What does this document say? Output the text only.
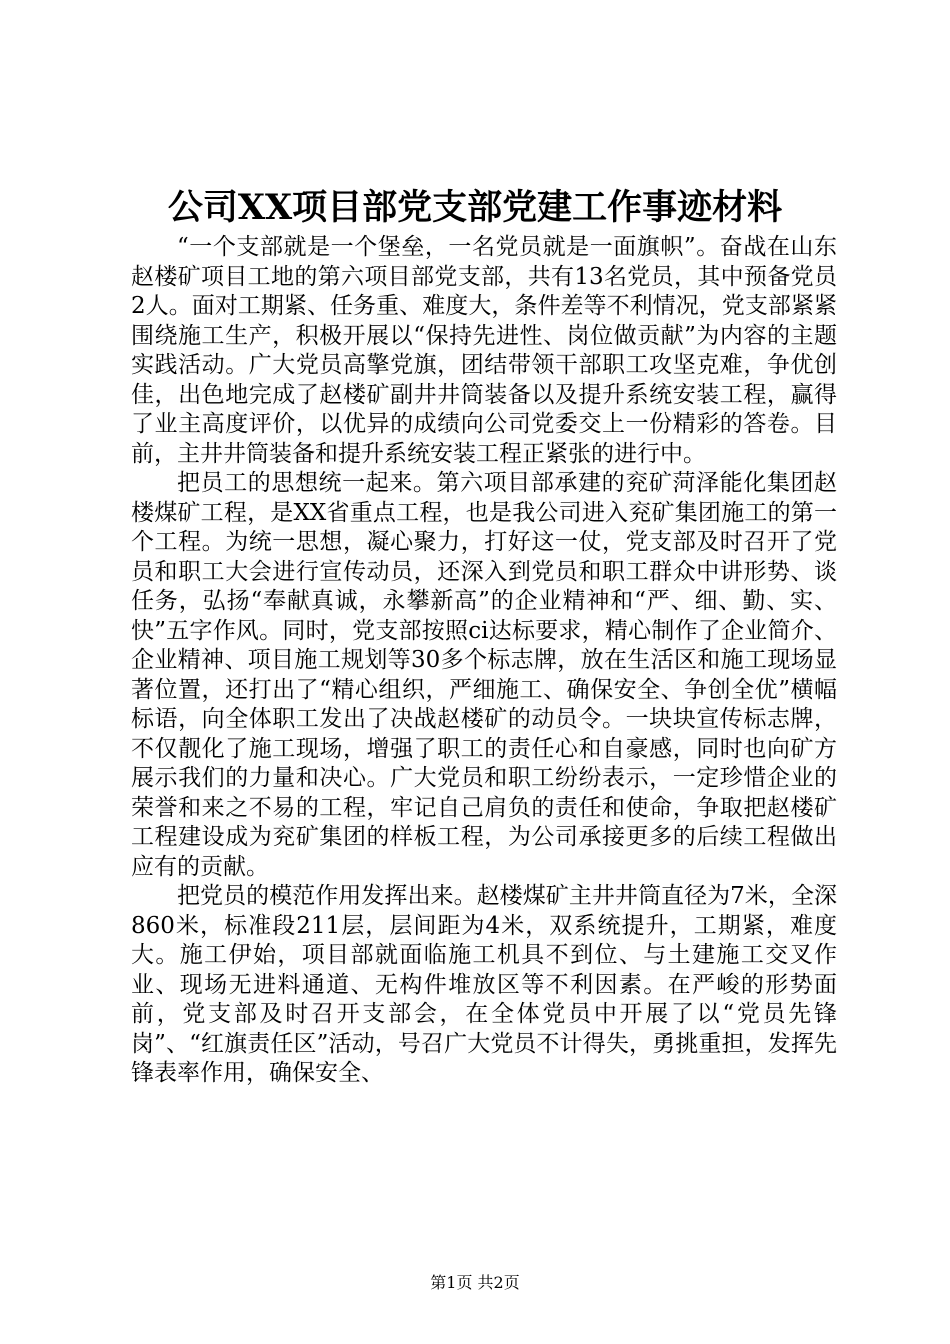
公司XX项目部党支部党建工作事迹材料

“一个支部就是一个堡垒，一名党员就是一面旗帜”。奋战在山东赵楼矿项目工地的第六项目部党支部，共有13名党员，其中预备党员2人。面对工期紧、任务重、难度大，条件差等不利情况，党支部紧紧围绕施工生产，积极开展以“保持先进性、岗位做贡献”为内容的主题实践活动。广大党员高擎党旗，团结带领干部职工攻坚克难，争优创佳，出色地完成了赵楼矿副井井筒装备以及提升系统安装工程，赢得了业主高度评价，以优异的成绩向公司党委交上一份精彩的答卷。目前，主井井筒装备和提升系统安装工程正紧张的进行中。

把员工的思想统一起来。第六项目部承建的兖矿菏泽能化集团赵楼煤矿工程，是XX省重点工程，也是我公司进入兖矿集团施工的第一个工程。为统一思想，凝心聚力，打好这一仗，党支部及时召开了党员和职工大会进行宣传动员，还深入到党员和职工群众中讲形势、谈任务，弘扬“奉献真诚，永攀新高”的企业精神和“严、细、勤、实、快”五字作风。同时，党支部按照ci达标要求，精心制作了企业简介、企业精神、项目施工规划等30多个标志牌，放在生活区和施工现场显著位置，还打出了“精心组织，严细施工、确保安全、争创全优”横幅标语，向全体职工发出了决战赵楼矿的动员令。一块块宣传标志牌，不仅靓化了施工现场，增强了职工的责任心和自豪感，同时也向矿方展示我们的力量和决心。广大党员和职工纷纷表示，一定珍惜企业的荣誉和来之不易的工程，牢记自己肩负的责任和使命，争取把赵楼矿工程建设成为兖矿集团的样板工程，为公司承接更多的后续工程做出应有的贡献。

把党员的模范作用发挥出来。赵楼煤矿主井井筒直径为7米，全深860米，标准段211层，层间距为4米，双系统提升，工期紧，难度大。施工伊始，项目部就面临施工机具不到位、与土建施工交叉作业、现场无进料通道、无构件堆放区等不利因素。在严峻的形势面前，党支部及时召开支部会，在全体党员中开展了以“党员先锋岗”、“红旗责任区”活动，号召广大党员不计得失，勇挑重担，发挥先锋表率作用，确保安全、

第1页 共2页
